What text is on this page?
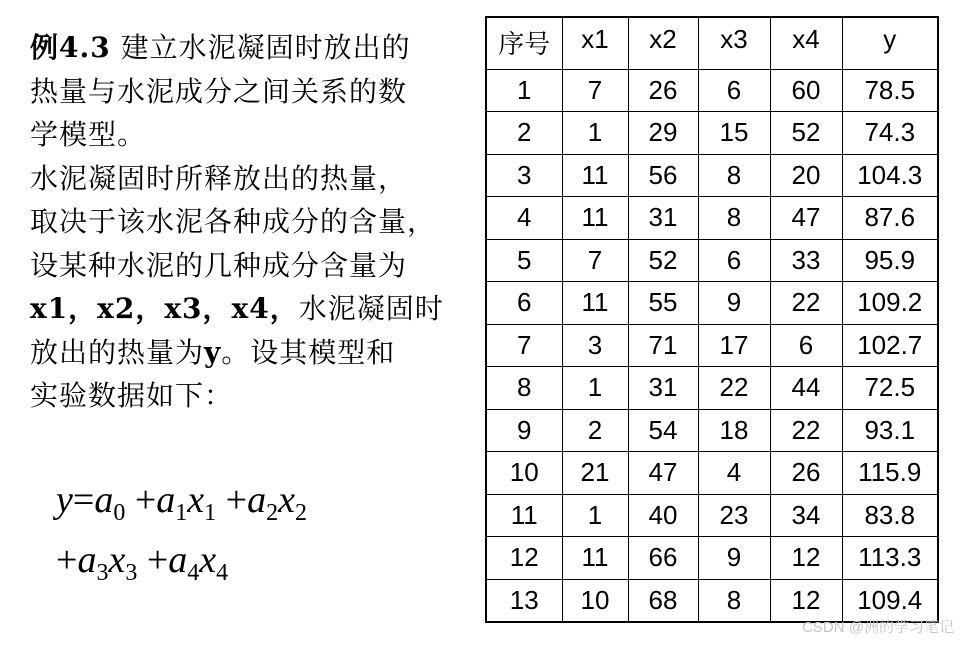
例4.3 建立水泥凝固时放出的

热量与水泥成分之间关系的数

学模型。

水泥凝固时所释放出的热量，

取决于该水泥各种成分的含量，

设某种水泥的几种成分含量为

x1，x2，x3，x4，水泥凝固时

放出的热量为y。设其模型和

实验数据如下：

$y=a_0 +a_1x_1 +a_2x_2$
$+a_3x_3 +a_4x_4$
序号	x1	x2	x3	x4	y
1	7	26	6	60	78.5
2	1	29	15	52	74.3
3	11	56	8	20	104.3
4	11	31	8	47	87.6
5	7	52	6	33	95.9
6	11	55	9	22	109.2
7	3	71	17	6	102.7
8	1	31	22	44	72.5
9	2	54	18	22	93.1
10	21	47	4	26	115.9
11	1	40	23	34	83.8
12	11	66	9	12	113.3
13	10	68	8	12	109.4
CSDN @洲的学习笔记
